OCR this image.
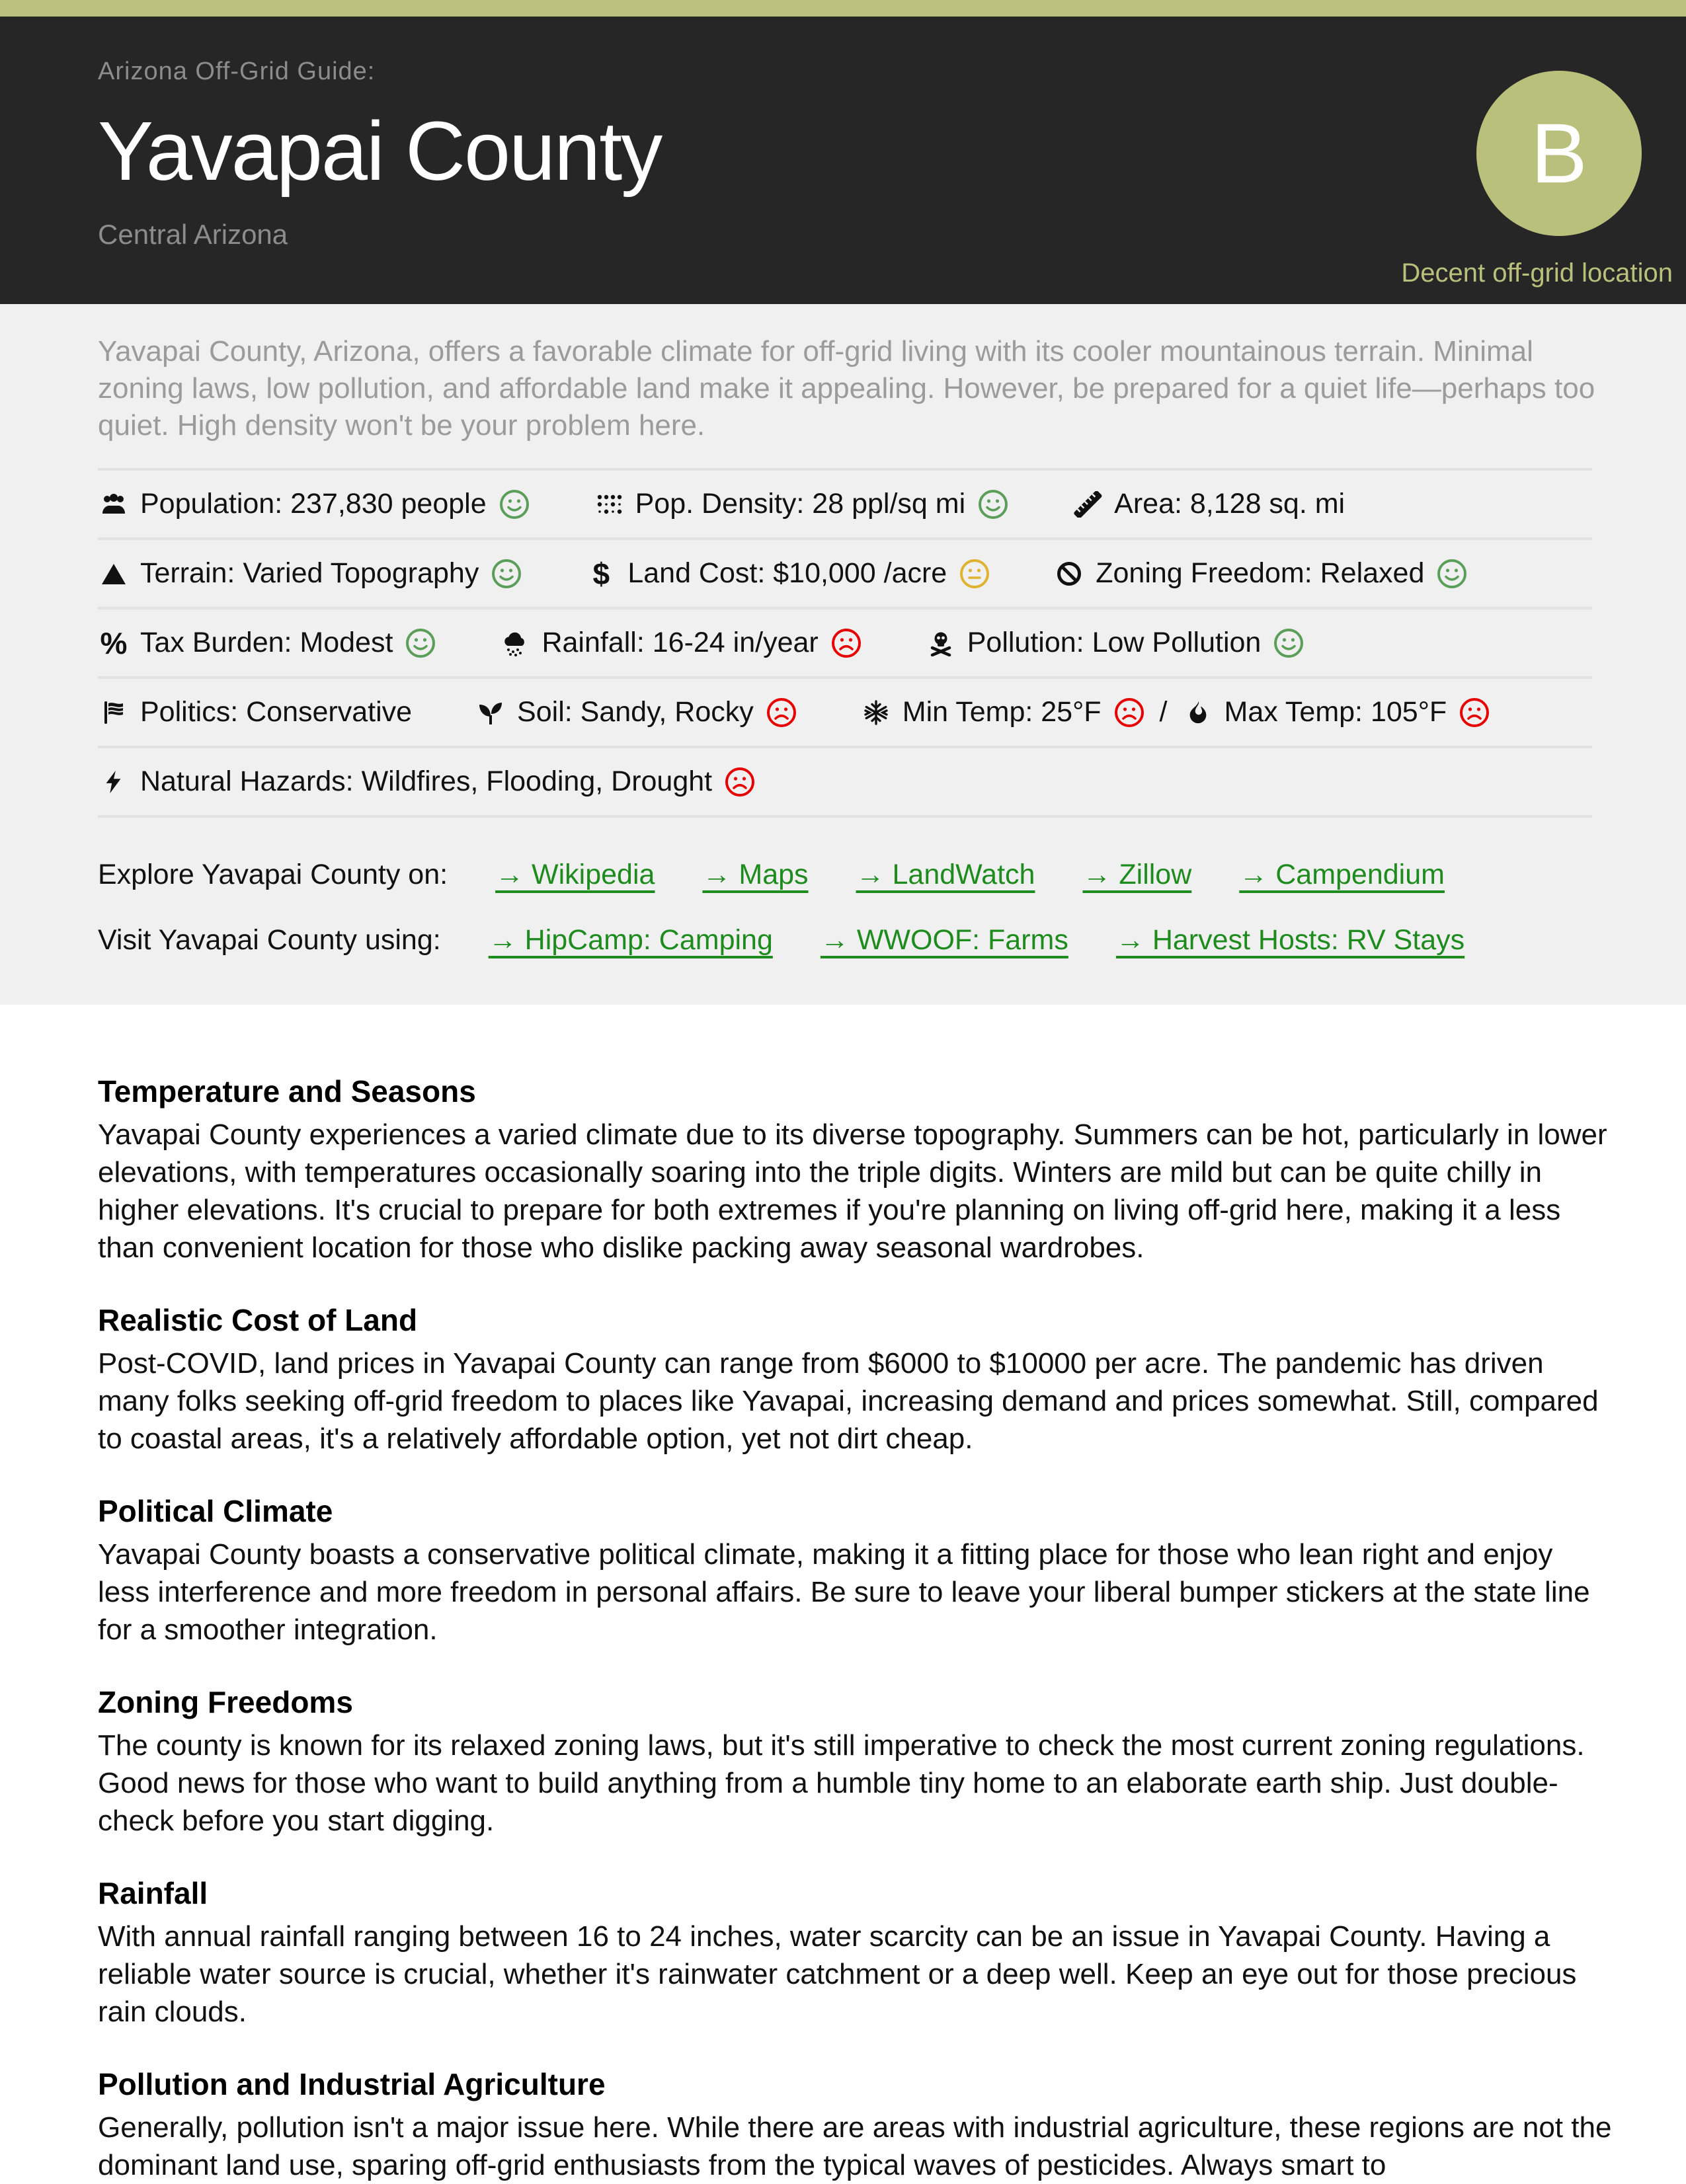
Arizona Off-Grid Guide:
Yavapai County
Central Arizona
B
Decent off-grid location
Yavapai County, Arizona, offers a favorable climate for off-grid living with its cooler mountainous terrain. Minimal zoning laws, low pollution, and affordable land make it appealing. However, be prepared for a quiet life—perhaps too quiet. High density won't be your problem here.
Population: 237,830 people	Pop. Density: 28 ppl/sq mi	Area: 8,128 sq. mi
Terrain: Varied Topography	$ Land Cost: $10,000 /acre	Zoning Freedom: Relaxed
% Tax Burden: Modest	Rainfall: 16-24 in/year	Pollution: Low Pollution
Politics: Conservative	Soil: Sandy, Rocky	Min Temp: 25°F / Max Temp: 105°F
Natural Hazards: Wildfires, Flooding, Drought
Explore Yavapai County on: → Wikipedia → Maps → LandWatch → Zillow → Campendium
Visit Yavapai County using: → HipCamp: Camping → WWOOF: Farms → Harvest Hosts: RV Stays
Temperature and Seasons

Yavapai County experiences a varied climate due to its diverse topography. Summers can be hot, particularly in lower elevations, with temperatures occasionally soaring into the triple digits. Winters are mild but can be quite chilly in higher elevations. It's crucial to prepare for both extremes if you're planning on living off-grid here, making it a less than convenient location for those who dislike packing away seasonal wardrobes.

Realistic Cost of Land

Post-COVID, land prices in Yavapai County can range from $6000 to $10000 per acre. The pandemic has driven many folks seeking off-grid freedom to places like Yavapai, increasing demand and prices somewhat. Still, compared to coastal areas, it's a relatively affordable option, yet not dirt cheap.

Political Climate

Yavapai County boasts a conservative political climate, making it a fitting place for those who lean right and enjoy less interference and more freedom in personal affairs. Be sure to leave your liberal bumper stickers at the state line for a smoother integration.

Zoning Freedoms

The county is known for its relaxed zoning laws, but it's still imperative to check the most current zoning regulations. Good news for those who want to build anything from a humble tiny home to an elaborate earth ship. Just double-check before you start digging.

Rainfall

With annual rainfall ranging between 16 to 24 inches, water scarcity can be an issue in Yavapai County. Having a reliable water source is crucial, whether it's rainwater catchment or a deep well. Keep an eye out for those precious rain clouds.

Pollution and Industrial Agriculture

Generally, pollution isn't a major issue here. While there are areas with industrial agriculture, these regions are not the dominant land use, sparing off-grid enthusiasts from the typical waves of pesticides. Always smart to
